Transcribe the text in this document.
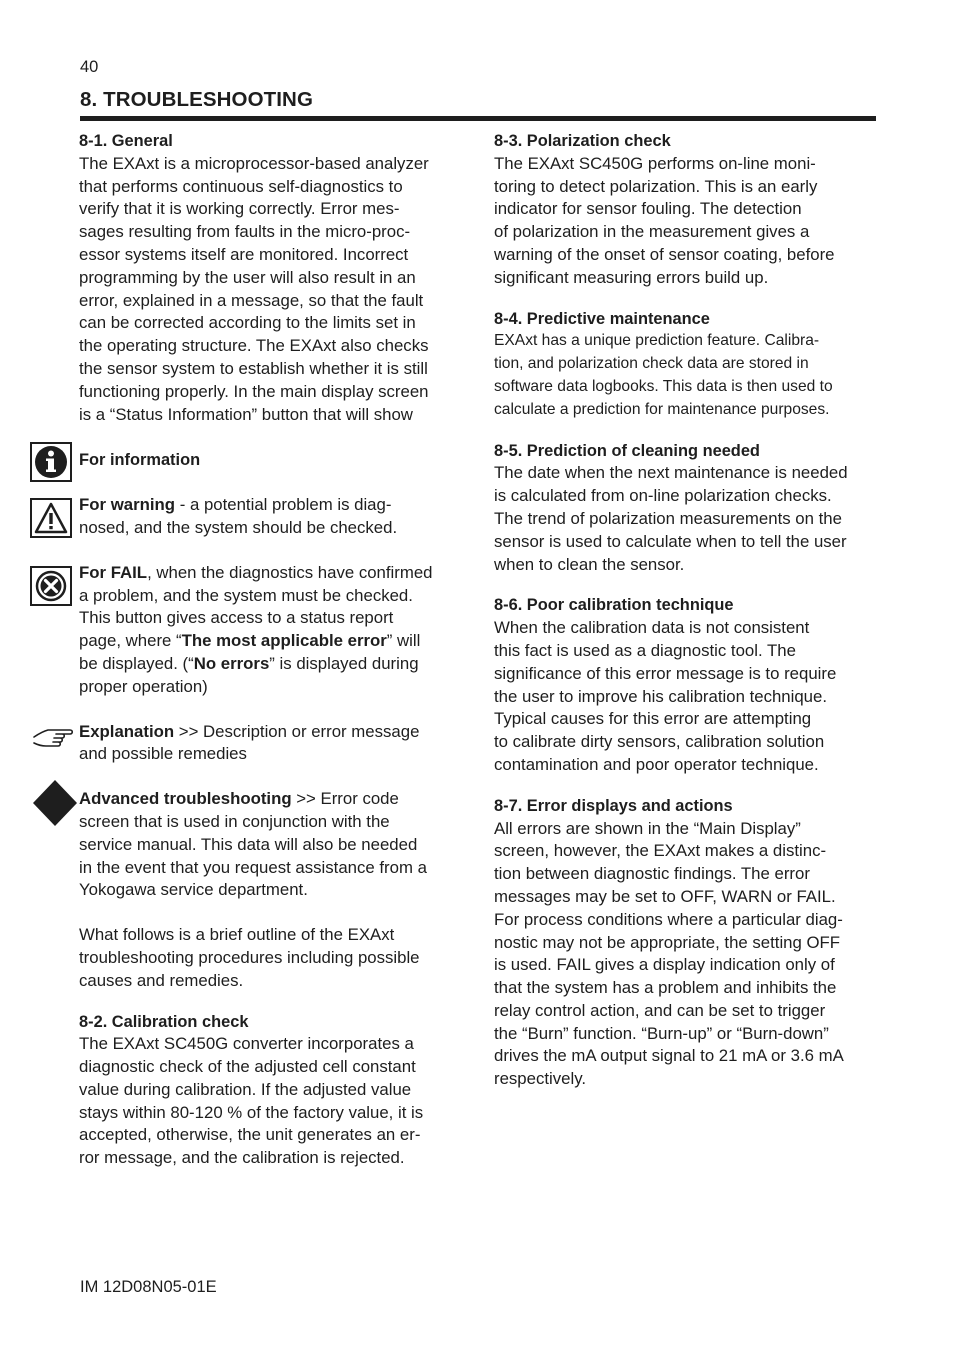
40
8. TROUBLESHOOTING

8-1. General

The EXAxt is a microprocessor-based analyzer

that performs continuous self-diagnostics to

verify that it is working correctly. Error mes-

sages resulting from faults in the micro-proc-

essor systems itself are monitored. Incorrect

programming by the user will also result in an

error, explained in a message, so that the fault

can be corrected according to the limits set in

the operating structure. The EXAxt also checks

the sensor system to establish whether it is still

functioning properly. In the main display screen

is a “Status Information” button that will show

For information

For warning - a potential problem is diag-

nosed, and the system should be checked.

For FAIL, when the diagnostics have confirmed

a problem, and the system must be checked.

This button gives access to a status report

page, where “The most applicable error” will

be displayed. (“No errors” is displayed during

proper operation)

Explanation >> Description or error message

and possible remedies

Advanced troubleshooting >> Error code

screen that is used in conjunction with the

service manual. This data will also be needed

in the event that you request assistance from a

Yokogawa service department.

What follows is a brief outline of the EXAxt

troubleshooting procedures including possible

causes and remedies.

8-2. Calibration check

The EXAxt SC450G converter incorporates a

diagnostic check of the adjusted cell constant

value during calibration. If the adjusted value

stays within 80-120 % of the factory value, it is

accepted, otherwise, the unit generates an er-

ror message, and the calibration is rejected.

8-3. Polarization check

The EXAxt SC450G performs on-line moni-

toring to detect polarization. This is an early

indicator for sensor fouling. The detection

of polarization in the measurement gives a

warning of the onset of sensor coating, before

significant measuring errors build up.

8-4. Predictive maintenance

EXAxt has a unique prediction feature. Calibra-

tion, and polarization check data are stored in

software data logbooks. This data is then used to

calculate a prediction for maintenance purposes.

8-5. Prediction of cleaning needed

The date when the next maintenance is needed

is calculated from on-line polarization checks.

The trend of polarization measurements on the

sensor is used to calculate when to tell the user

when to clean the sensor.

8-6. Poor calibration technique

When the calibration data is not consistent

this fact is used as a diagnostic tool. The

significance of this error message is to require

the user to improve his calibration technique.

Typical causes for this error are attempting

to calibrate dirty sensors, calibration solution

contamination and poor operator technique.

8-7. Error displays and actions

All errors are shown in the “Main Display”

screen, however, the EXAxt makes a distinc-

tion between diagnostic findings. The error

messages may be set to OFF, WARN or FAIL.

For process conditions where a particular diag-

nostic may not be appropriate, the setting OFF

is used. FAIL gives a display indication only of

that the system has a problem and inhibits the

relay control action, and can be set to trigger

the “Burn” function. “Burn-up” or “Burn-down”

drives the mA output signal to 21 mA or 3.6 mA

respectively.

IM 12D08N05-01E
